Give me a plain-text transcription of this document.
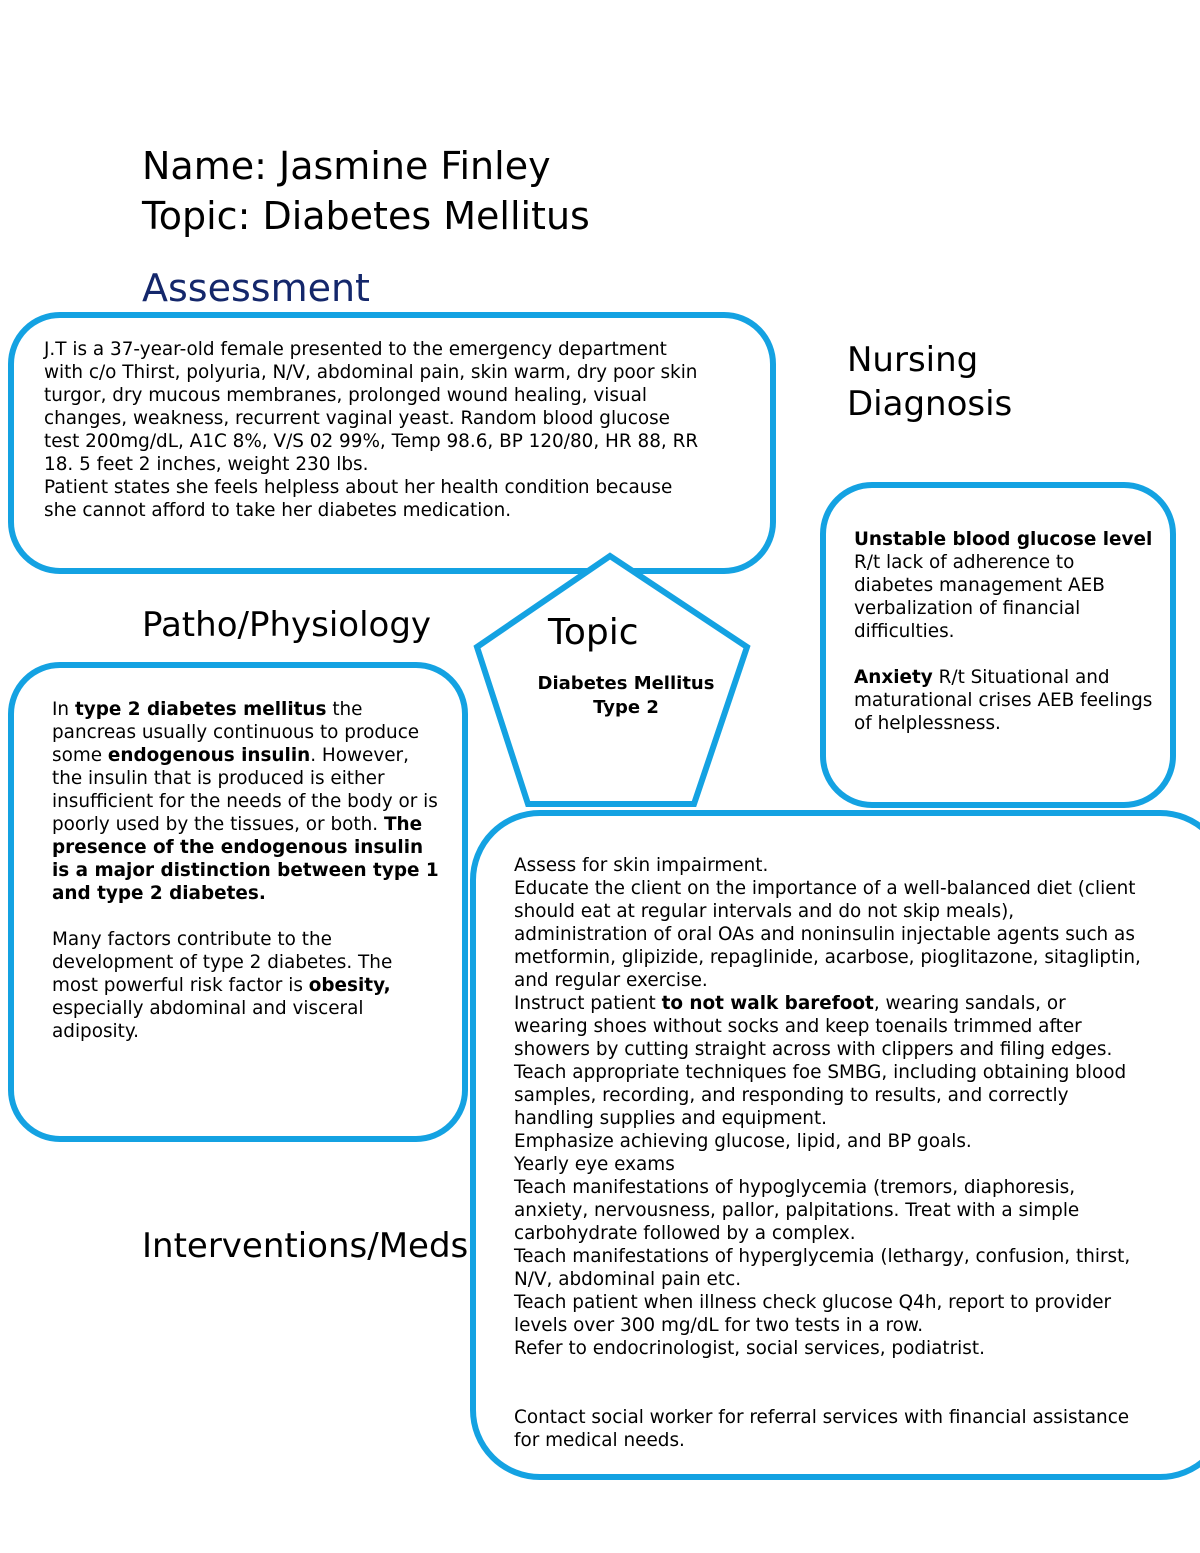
Name: Jasmine Finley
Topic: Diabetes Mellitus
Assessment

J.T is a 37-year-old female presented to the emergency department

with c/o Thirst, polyuria, N/V, abdominal pain, skin warm, dry poor skin

turgor, dry mucous membranes, prolonged wound healing, visual

changes, weakness, recurrent vaginal yeast. Random blood glucose

test 200mg/dL, A1C 8%, V/S 02 99%, Temp 98.6, BP 120/80, HR 88, RR

18. 5 feet 2 inches, weight 230 lbs.

Patient states she feels helpless about her health condition because

she cannot afford to take her diabetes medication.

Nursing
Diagnosis

Unstable blood glucose level R/t lack of adherence to diabetes management AEB verbalization of financial difficulties.

Anxiety R/t Situational and maturational crises AEB feelings of helplessness.

Patho/Physiology

In type 2 diabetes mellitus the pancreas usually continuous to produce some endogenous insulin. However, the insulin that is produced is either insufficient for the needs of the body or is poorly used by the tissues, or both. The presence of the endogenous insulin is a major distinction between type 1 and type 2 diabetes.

Many factors contribute to the development of type 2 diabetes. The most powerful risk factor is obesity, especially abdominal and visceral adiposity.

Topic
Diabetes Mellitus
Type 2
Interventions/Meds

Assess for skin impairment.

Educate the client on the importance of a well-balanced diet (client

should eat at regular intervals and do not skip meals),

administration of oral OAs and noninsulin injectable agents such as

metformin, glipizide, repaglinide, acarbose, pioglitazone, sitagliptin,

and regular exercise.

Instruct patient to not walk barefoot, wearing sandals, or

wearing shoes without socks and keep toenails trimmed after

showers by cutting straight across with clippers and filing edges.

Teach appropriate techniques foe SMBG, including obtaining blood

samples, recording, and responding to results, and correctly

handling supplies and equipment.

Emphasize achieving glucose, lipid, and BP goals.

Yearly eye exams

Teach manifestations of hypoglycemia (tremors, diaphoresis,

anxiety, nervousness, pallor, palpitations. Treat with a simple

carbohydrate followed by a complex.

Teach manifestations of hyperglycemia (lethargy, confusion, thirst,

N/V, abdominal pain etc.

Teach patient when illness check glucose Q4h, report to provider

levels over 300 mg/dL for two tests in a row.

Refer to endocrinologist, social services, podiatrist.

Contact social worker for referral services with financial assistance

for medical needs.
